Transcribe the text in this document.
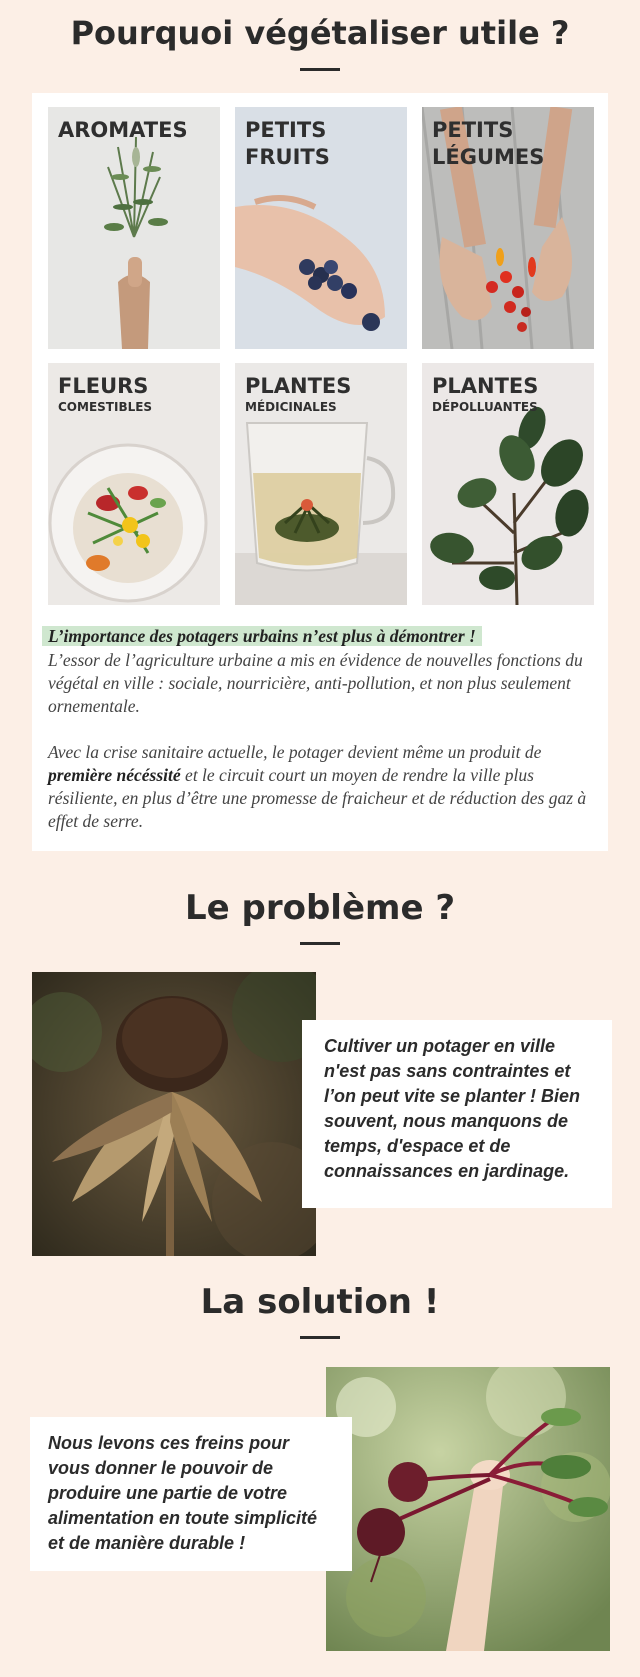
Pourquoi végétaliser utile ?
AROMATES	PETITS FRUITS
PETITS LÉGUMES
FLEURS
COMESTIBLES
PLANTES
MÉDICINALES
PLANTES
DÉPOLLUANTES
L’importance des potagers urbains n’est plus à démontrer !
L’essor de l’agriculture urbaine a mis en évidence de nouvelles fonctions du végétal en ville : sociale, nourricière, anti-pollution, et non plus seulement ornementale.
Avec la crise sanitaire actuelle, le potager devient même un produit de première nécéssité et le circuit court un moyen de rendre la ville plus résiliente, en plus d’être une promesse de fraicheur et de réduction des gaz à effet de serre.
Le problème ?
Cultiver un potager en ville n'est pas sans contraintes et l’on peut vite se planter ! Bien souvent, nous manquons de temps, d'espace et de connaissances en jardinage.
La solution !
Nous levons ces freins pour vous donner le pouvoir de produire une partie de votre alimentation en toute simplicité et de manière durable !
